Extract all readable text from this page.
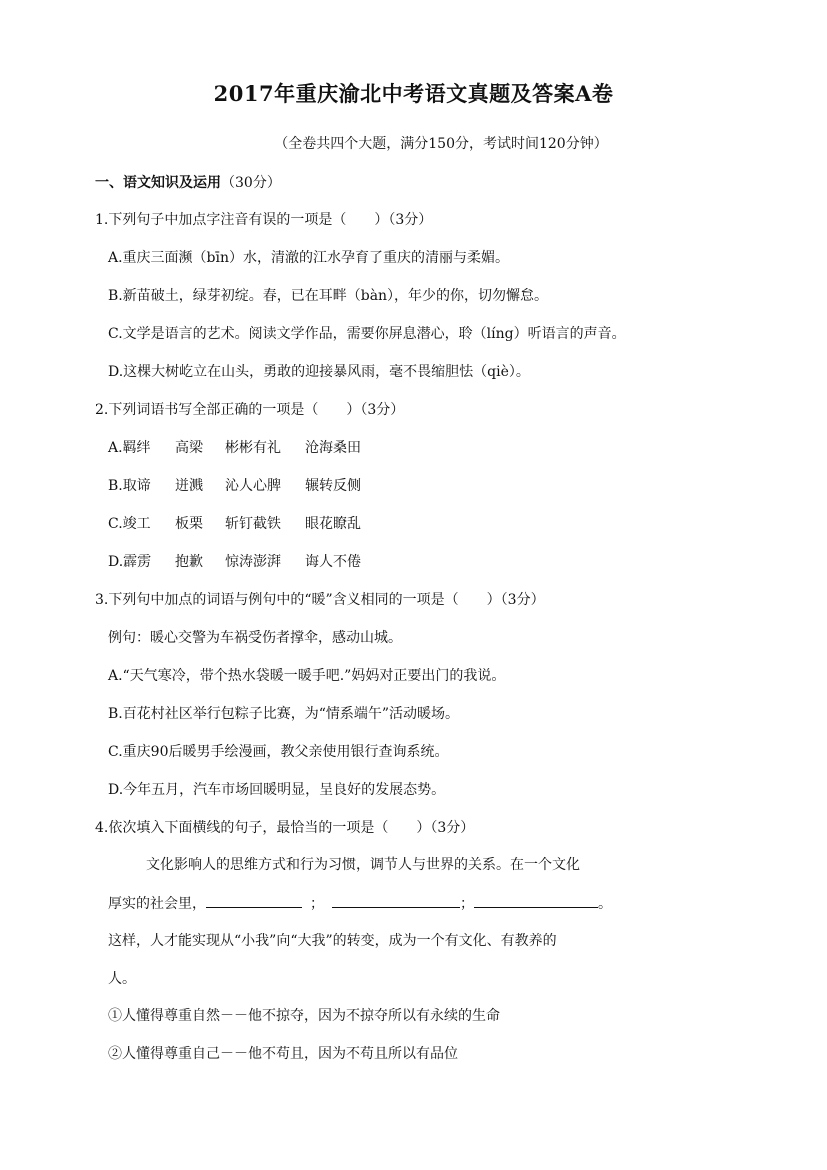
2017年重庆渝北中考语文真题及答案A卷
（全卷共四个大题，满分150分，考试时间120分钟）
一、语文知识及运用（30分）
1.下列句子中加点字注音有误的一项是（　　）（3分）
A.重庆三面濒（bīn）水，清澈的江水孕育了重庆的清丽与柔媚。
B.新苗破土，绿芽初绽。春，已在耳畔（bàn），年少的你，切勿懈怠。
C.文学是语言的艺术。阅读文学作品，需要你屏息潜心，聆（líng）听语言的声音。
D.这棵大树屹立在山头，勇敢的迎接暴风雨，毫不畏缩胆怯（qiè）。
2.下列词语书写全部正确的一项是（　　）（3分）
A.羁绊 高梁 彬彬有礼 沧海桑田
B.取谛 迸溅 沁人心脾 辗转反侧
C.竣工 板栗 斩钉截铁 眼花瞭乱
D.霹雳 抱歉 惊涛澎湃 诲人不倦
3.下列句中加点的词语与例句中的“暖”含义相同的一项是（　　）（3分）
例句：暖心交警为车祸受伤者撑伞，感动山城。
A.“天气寒冷，带个热水袋暖一暖手吧.”妈妈对正要出门的我说。
B.百花村社区举行包粽子比赛，为“情系端午”活动暖场。
C.重庆90后暖男手绘漫画，教父亲使用银行查询系统。
D.今年五月，汽车市场回暖明显，呈良好的发展态势。
4.依次填入下面横线的句子，最恰当的一项是（　　）（3分）
文化影响人的思维方式和行为习惯，调节人与世界的关系。在一个文化
厚实的社会里，	；	；	。
这样，人才能实现从“小我”向“大我”的转变，成为一个有文化、有教养的
人。
①人懂得尊重自然－－他不掠夺，因为不掠夺所以有永续的生命
②人懂得尊重自己－－他不苟且，因为不苟且所以有品位
